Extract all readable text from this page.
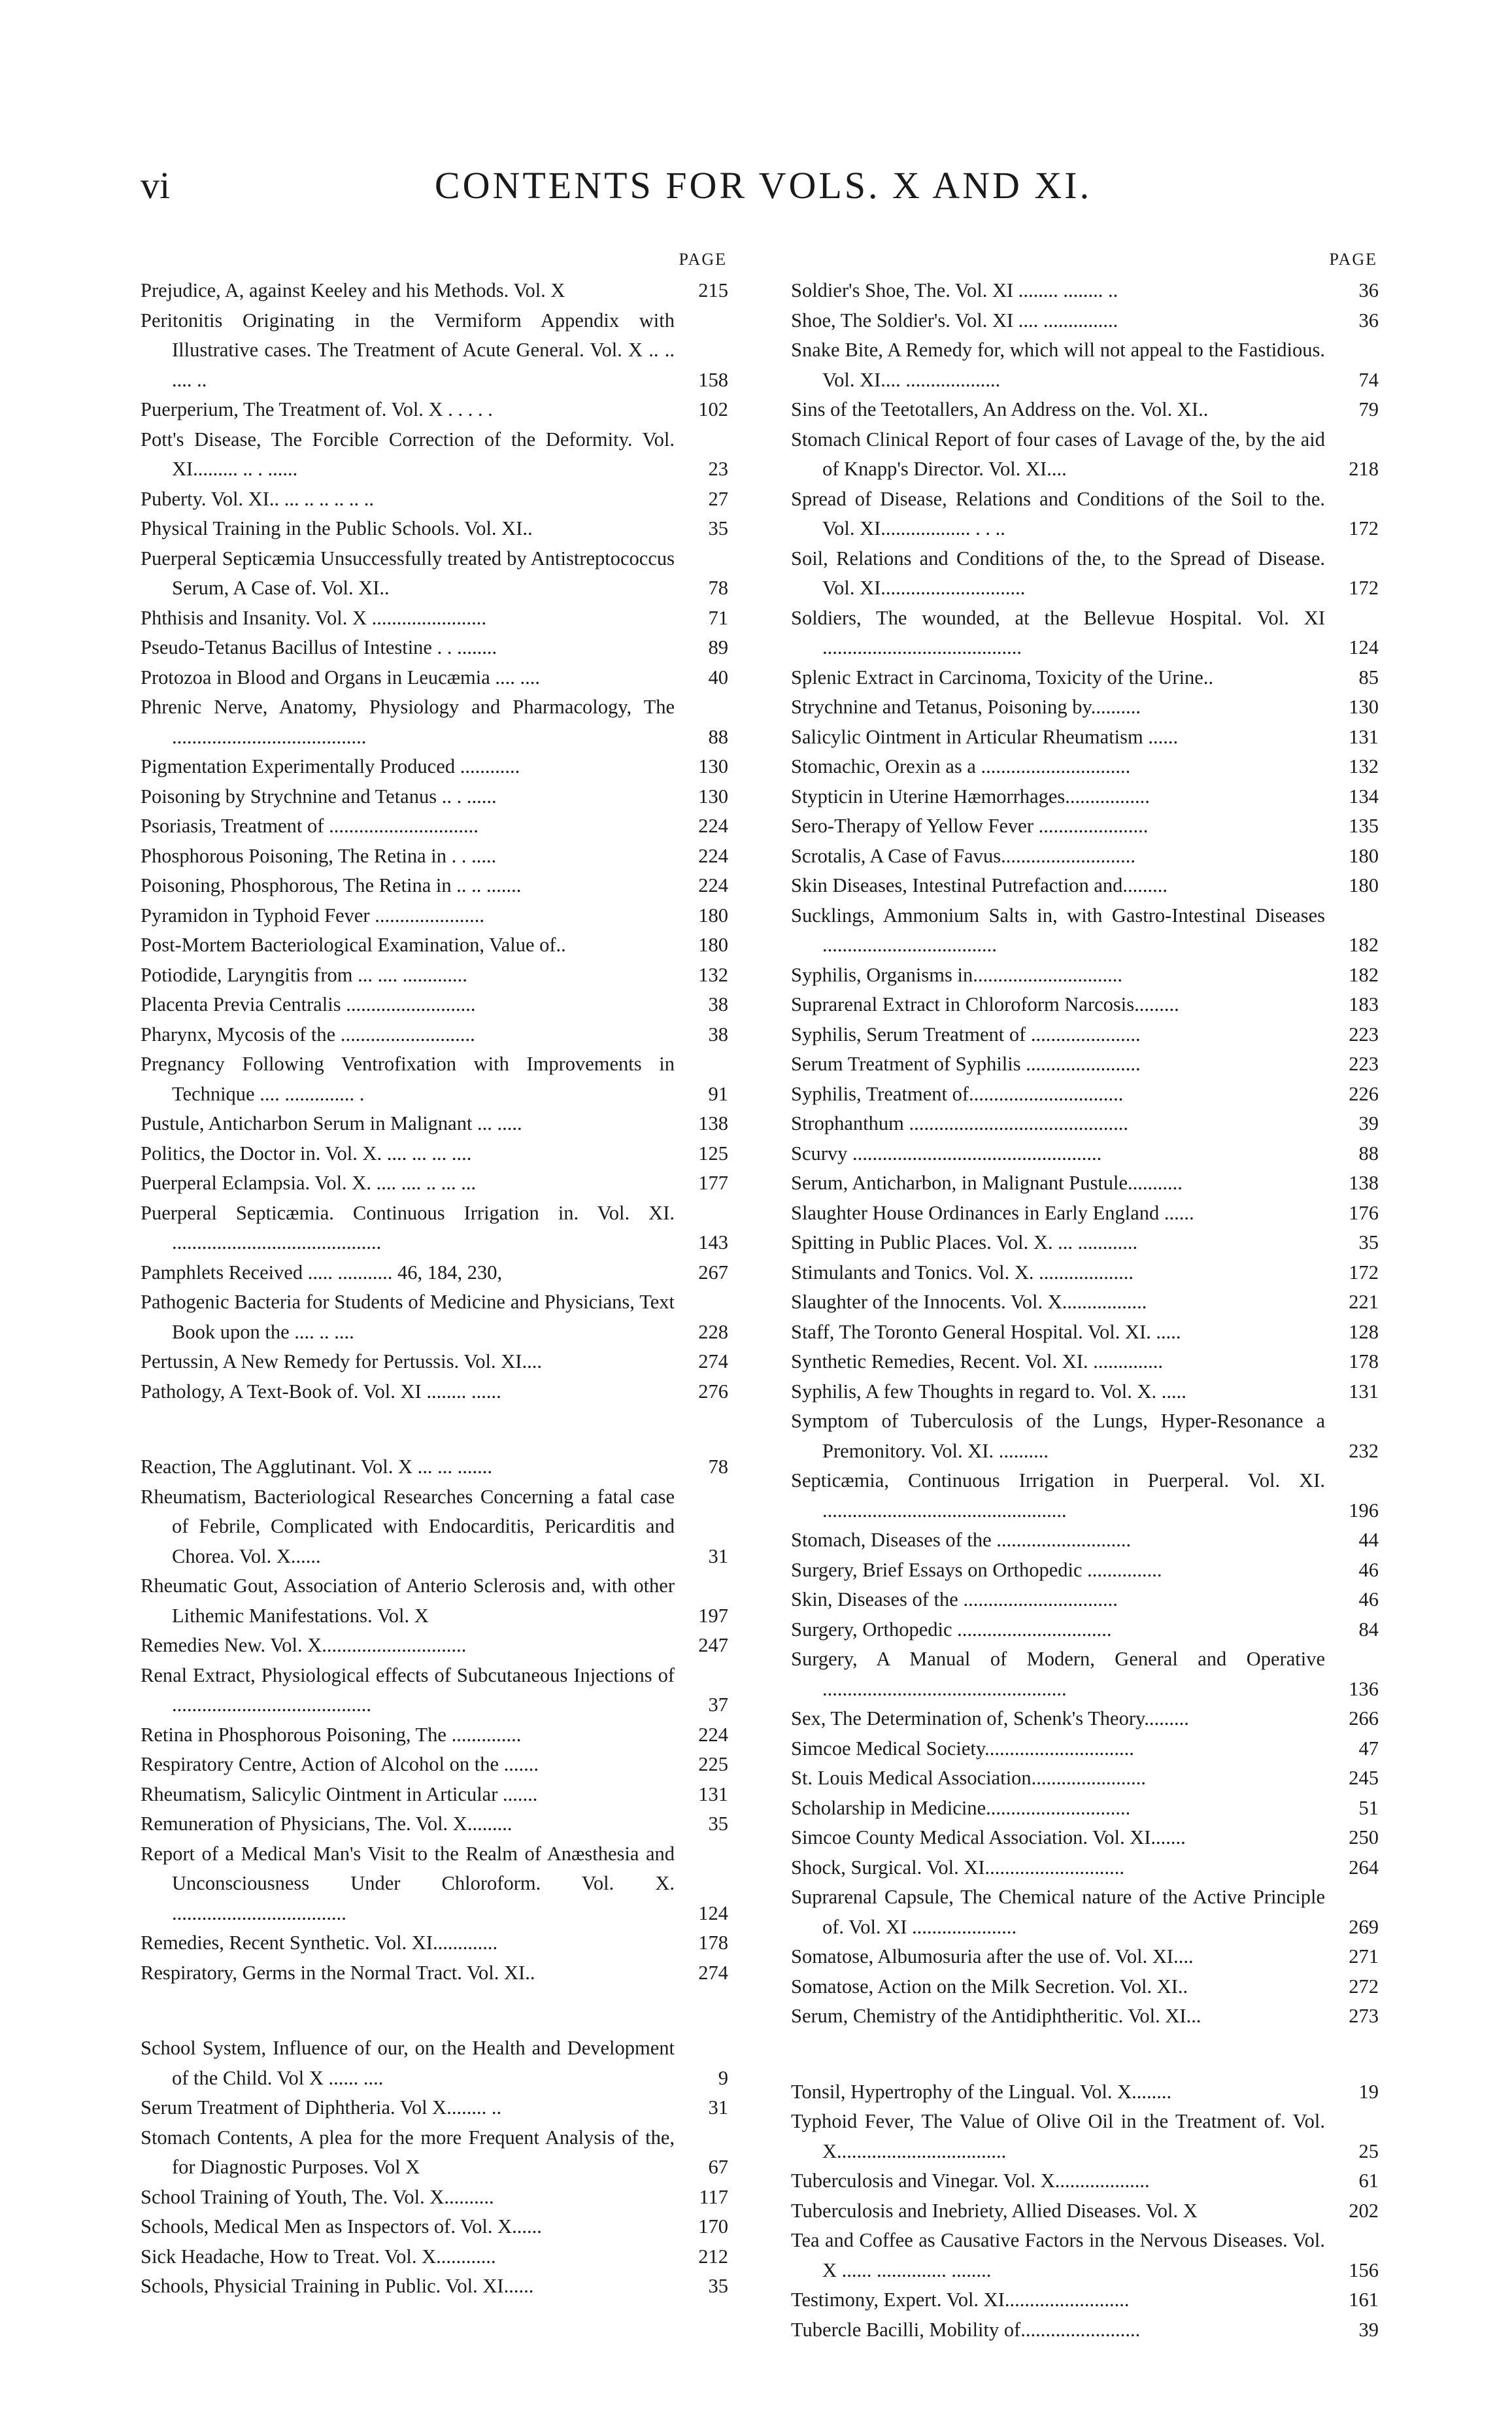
vi	CONTENTS FOR VOLS. X AND XI.
PAGE
Prejudice, A, against Keeley and his Methods. Vol. X	215
Peritonitis Originating in the Vermiform Appendix with Illustrative cases. The Treatment of Acute General. Vol. X .. .. .... ..	158
Puerperium, The Treatment of. Vol. X . . . . .	102
Pott's Disease, The Forcible Correction of the Deformity. Vol. XI......... .. . ......	23
Puberty. Vol. XI.. ... .. .. .. .. ..	27
Physical Training in the Public Schools. Vol. XI..	35
Puerperal Septicæmia Unsuccessfully treated by Antistreptococcus Serum, A Case of. Vol. XI..	78
Phthisis and Insanity. Vol. X .......................	71
Pseudo-Tetanus Bacillus of Intestine . . ........	89
Protozoa in Blood and Organs in Leucæmia .... ....	40
Phrenic Nerve, Anatomy, Physiology and Pharmacology, The .......................................	88
Pigmentation Experimentally Produced ............	130
Poisoning by Strychnine and Tetanus .. . ......	130
Psoriasis, Treatment of ..............................	224
Phosphorous Poisoning, The Retina in . . .....	224
Poisoning, Phosphorous, The Retina in .. .. .......	224
Pyramidon in Typhoid Fever ......................	180
Post-Mortem Bacteriological Examination, Value of..	180
Potiodide, Laryngitis from ... .... .............	132
Placenta Previa Centralis ..........................	38
Pharynx, Mycosis of the ...........................	38
Pregnancy Following Ventrofixation with Improvements in Technique .... .............. .	91
Pustule, Anticharbon Serum in Malignant ... .....	138
Politics, the Doctor in. Vol. X. .... ... ... ....	125
Puerperal Eclampsia. Vol. X. .... .... .. ... ...	177
Puerperal Septicæmia. Continuous Irrigation in. Vol. XI. ..........................................	143
Pamphlets Received ..... ........... 46, 184, 230,	267
Pathogenic Bacteria for Students of Medicine and Physicians, Text Book upon the .... .. ....	228
Pertussin, A New Remedy for Pertussis. Vol. XI....	274
Pathology, A Text-Book of. Vol. XI ........ ......	276
Reaction, The Agglutinant. Vol. X ... ... .......	78
Rheumatism, Bacteriological Researches Concerning a fatal case of Febrile, Complicated with Endocarditis, Pericarditis and Chorea. Vol. X......	31
Rheumatic Gout, Association of Anterio Sclerosis and, with other Lithemic Manifestations. Vol. X	197
Remedies New. Vol. X.............................	247
Renal Extract, Physiological effects of Subcutaneous Injections of ........................................	37
Retina in Phosphorous Poisoning, The ..............	224
Respiratory Centre, Action of Alcohol on the .......	225
Rheumatism, Salicylic Ointment in Articular .......	131
Remuneration of Physicians, The. Vol. X.........	35
Report of a Medical Man's Visit to the Realm of Anæsthesia and Unconsciousness Under Chloroform. Vol. X. ...................................	124
Remedies, Recent Synthetic. Vol. XI.............	178
Respiratory, Germs in the Normal Tract. Vol. XI..	274
School System, Influence of our, on the Health and Development of the Child. Vol X ...... ....	9
Serum Treatment of Diphtheria. Vol X........ ..	31
Stomach Contents, A plea for the more Frequent Analysis of the, for Diagnostic Purposes. Vol X	67
School Training of Youth, The. Vol. X..........	117
Schools, Medical Men as Inspectors of. Vol. X......	170
Sick Headache, How to Treat. Vol. X............	212
Schools, Physicial Training in Public. Vol. XI......	35
PAGE
Soldier's Shoe, The. Vol. XI ........ ........ ..	36
Shoe, The Soldier's. Vol. XI .... ...............	36
Snake Bite, A Remedy for, which will not appeal to the Fastidious. Vol. XI.... ...................	74
Sins of the Teetotallers, An Address on the. Vol. XI..	79
Stomach Clinical Report of four cases of Lavage of the, by the aid of Knapp's Director. Vol. XI....	218
Spread of Disease, Relations and Conditions of the Soil to the. Vol. XI.................. . . ..	172
Soil, Relations and Conditions of the, to the Spread of Disease. Vol. XI.............................	172
Soldiers, The wounded, at the Bellevue Hospital. Vol. XI ........................................	124
Splenic Extract in Carcinoma, Toxicity of the Urine..	85
Strychnine and Tetanus, Poisoning by..........	130
Salicylic Ointment in Articular Rheumatism ......	131
Stomachic, Orexin as a ..............................	132
Stypticin in Uterine Hæmorrhages.................	134
Sero-Therapy of Yellow Fever ......................	135
Scrotalis, A Case of Favus...........................	180
Skin Diseases, Intestinal Putrefaction and.........	180
Sucklings, Ammonium Salts in, with Gastro-Intestinal Diseases ...................................	182
Syphilis, Organisms in..............................	182
Suprarenal Extract in Chloroform Narcosis.........	183
Syphilis, Serum Treatment of ......................	223
Serum Treatment of Syphilis .......................	223
Syphilis, Treatment of...............................	226
Strophanthum ............................................	39
Scurvy ..................................................	88
Serum, Anticharbon, in Malignant Pustule...........	138
Slaughter House Ordinances in Early England ......	176
Spitting in Public Places. Vol. X. ... ............	35
Stimulants and Tonics. Vol. X. ...................	172
Slaughter of the Innocents. Vol. X.................	221
Staff, The Toronto General Hospital. Vol. XI. .....	128
Synthetic Remedies, Recent. Vol. XI. ..............	178
Syphilis, A few Thoughts in regard to. Vol. X. .....	131
Symptom of Tuberculosis of the Lungs, Hyper-Resonance a Premonitory. Vol. XI. ..........	232
Septicæmia, Continuous Irrigation in Puerperal. Vol. XI. .................................................	196
Stomach, Diseases of the ...........................	44
Surgery, Brief Essays on Orthopedic ...............	46
Skin, Diseases of the ...............................	46
Surgery, Orthopedic ...............................	84
Surgery, A Manual of Modern, General and Operative .................................................	136
Sex, The Determination of, Schenk's Theory.........	266
Simcoe Medical Society..............................	47
St. Louis Medical Association.......................	245
Scholarship in Medicine.............................	51
Simcoe County Medical Association. Vol. XI.......	250
Shock, Surgical. Vol. XI............................	264
Suprarenal Capsule, The Chemical nature of the Active Principle of. Vol. XI .....................	269
Somatose, Albumosuria after the use of. Vol. XI....	271
Somatose, Action on the Milk Secretion. Vol. XI..	272
Serum, Chemistry of the Antidiphtheritic. Vol. XI...	273
Tonsil, Hypertrophy of the Lingual. Vol. X........	19
Typhoid Fever, The Value of Olive Oil in the Treatment of. Vol. X..................................	25
Tuberculosis and Vinegar. Vol. X...................	61
Tuberculosis and Inebriety, Allied Diseases. Vol. X	202
Tea and Coffee as Causative Factors in the Nervous Diseases. Vol. X ...... .............. ........	156
Testimony, Expert. Vol. XI.........................	161
Tubercle Bacilli, Mobility of........................	39
